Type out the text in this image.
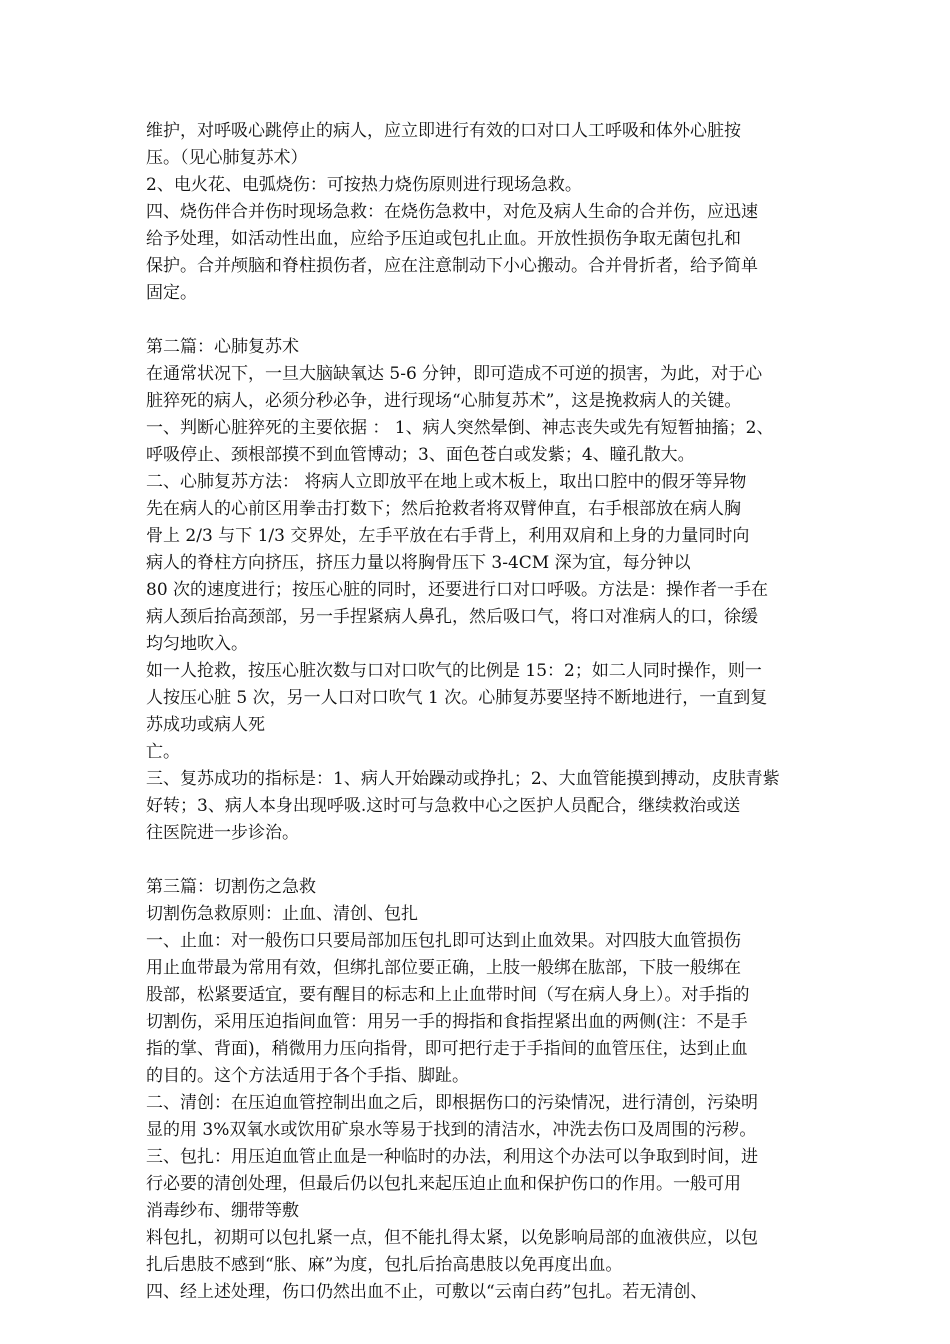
维护，对呼吸心跳停止的病人，应立即进行有效的口对口人工呼吸和体外心脏按
压。（见心肺复苏术）
2、电火花、电弧烧伤：可按热力烧伤原则进行现场急救。
四、烧伤伴合并伤时现场急救：在烧伤急救中，对危及病人生命的合并伤，应迅速
给予处理，如活动性出血，应给予压迫或包扎止血。开放性损伤争取无菌包扎和
保护。合并颅脑和脊柱损伤者，应在注意制动下小心搬动。合并骨折者，给予简单
固定。
第二篇：心肺复苏术
在通常状况下，一旦大脑缺氧达 5-6 分钟，即可造成不可逆的损害，为此，对于心
脏猝死的病人，必须分秒必争，进行现场“心肺复苏术”，这是挽救病人的关键。
一、判断心脏猝死的主要依据 ： 1、病人突然晕倒、神志丧失或先有短暂抽搐；2、
呼吸停止、颈根部摸不到血管博动；3、面色苍白或发紫；4、瞳孔散大。
二、心肺复苏方法： 将病人立即放平在地上或木板上，取出口腔中的假牙等异物
先在病人的心前区用拳击打数下；然后抢救者将双臂伸直，右手根部放在病人胸
骨上 2/3 与下 1/3 交界处，左手平放在右手背上，利用双肩和上身的力量同时向
病人的脊柱方向挤压，挤压力量以将胸骨压下 3-4CM 深为宜，每分钟以
80 次的速度进行；按压心脏的同时，还要进行口对口呼吸。方法是：操作者一手在
病人颈后抬高颈部，另一手捏紧病人鼻孔，然后吸口气，将口对准病人的口，徐缓
均匀地吹入。
如一人抢救，按压心脏次数与口对口吹气的比例是 15：2；如二人同时操作，则一
人按压心脏 5 次，另一人口对口吹气 1 次。心肺复苏要坚持不断地进行，一直到复
苏成功或病人死
亡。
三、复苏成功的指标是：1、病人开始躁动或挣扎；2、大血管能摸到搏动，皮肤青紫
好转；3、病人本身出现呼吸.这时可与急救中心之医护人员配合，继续救治或送
往医院进一步诊治。
第三篇：切割伤之急救
切割伤急救原则：止血、清创、包扎
一、止血：对一般伤口只要局部加压包扎即可达到止血效果。对四肢大血管损伤
用止血带最为常用有效，但绑扎部位要正确，上肢一般绑在肱部，下肢一般绑在
股部，松紧要适宜，要有醒目的标志和上止血带时间（写在病人身上）。对手指的
切割伤，采用压迫指间血管：用另一手的拇指和食指捏紧出血的两侧(注：不是手
指的掌、背面)，稍微用力压向指骨，即可把行走于手指间的血管压住，达到止血
的目的。这个方法适用于各个手指、脚趾。
二、清创：在压迫血管控制出血之后，即根据伤口的污染情况，进行清创，污染明
显的用 3%双氧水或饮用矿泉水等易于找到的清洁水，冲洗去伤口及周围的污秽。
三、包扎：用压迫血管止血是一种临时的办法，利用这个办法可以争取到时间，进
行必要的清创处理，但最后仍以包扎来起压迫止血和保护伤口的作用。一般可用
消毒纱布、绷带等敷
料包扎，初期可以包扎紧一点，但不能扎得太紧，以免影响局部的血液供应，以包
扎后患肢不感到“胀、麻”为度，包扎后抬高患肢以免再度出血。
四、经上述处理，伤口仍然出血不止，可敷以“云南白药”包扎。若无清创、
